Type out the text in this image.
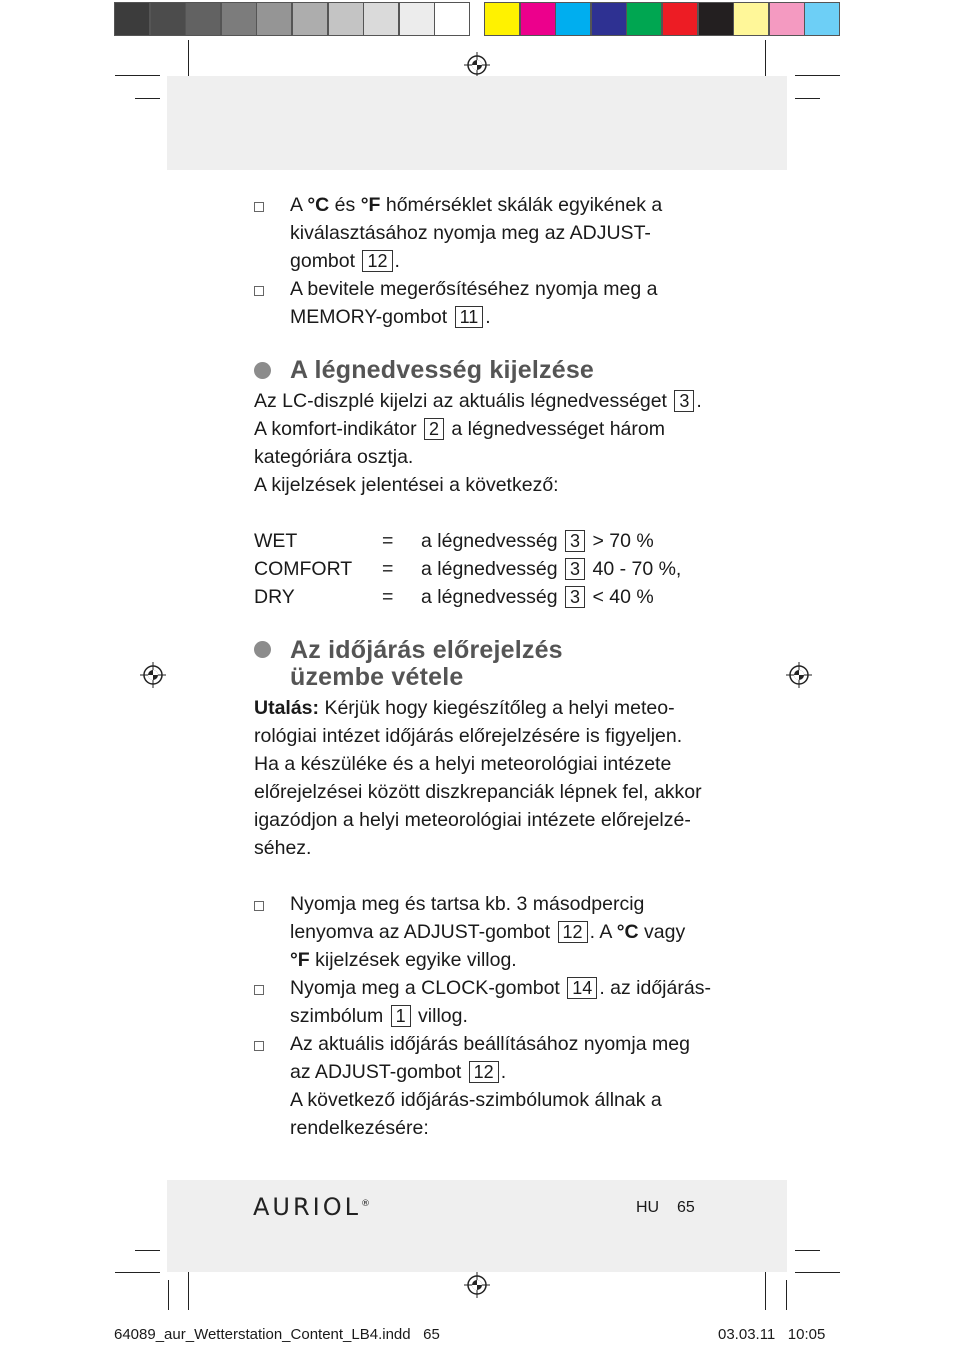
A °C és °F hőmérséklet skálák egyikének a
kiválasztásához nyomja meg az ADJUST-
gombot 12 .
A bevitele megerősítéséhez nyomja meg a
MEMORY-gombot 11 .
A légnedvesség kijelzése
Az LC-diszplé kijelzi az aktuális légnedvességet 3 .
A komfort-indikátor 2 a légnedvességet három
kategóriára osztja.
A kijelzések jelentései a következő:
WET	= a légnedvesség 3 > 70 %
COMFORT = a légnedvesség 3 40 - 70 %,
DRY	= a légnedvesség 3 < 40 %
Az időjárás előrejelzés
üzembe vétele
Utalás: Kérjük hogy kiegészítőleg a helyi meteo-
rológiai intézet időjárás előrejelzésére is figyeljen.
Ha a készüléke és a helyi meteorológiai intézete
előrejelzései között diszkrepanciák lépnek fel, akkor
igazódjon a helyi meteorológiai intézete előrejelzé-
séhez.
Nyomja meg és tartsa kb. 3 másodpercig
lenyomva az ADJUST-gombot 12 . A °C vagy
°F kijelzések egyike villog.
Nyomja meg a CLOCK-gombot 14 . az időjárás-
szimbólum 1 villog.
Az aktuális időjárás beállításához nyomja meg
az ADJUST-gombot 12 .
A következő időjárás-szimbólumok állnak a
rendelkezésére:
AURIOL®	HU 65
64089_aur_Wetterstation_Content_LB4.indd 65	03.03.11 10:05
